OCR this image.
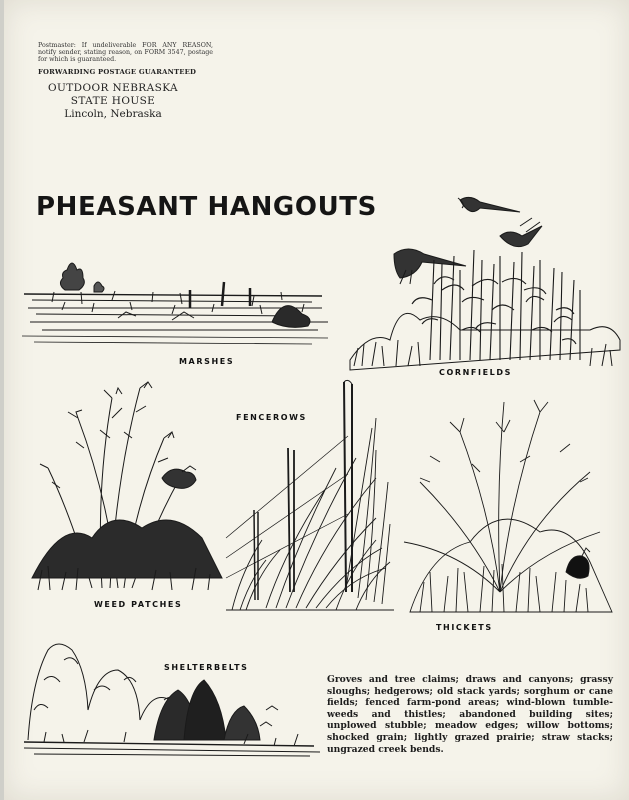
Postmaster: If undeliverable FOR ANY REASON, notify sender, stating reason, on FORM 3547, postage for which is guaranteed.

FORWARDING POSTAGE GUARANTEED
OUTDOOR NEBRASKA
STATE HOUSE
Lincoln, Nebraska
PHEASANT HANGOUTS
MARSHES
CORNFIELDS
FENCEROWS
WEED PATCHES
THICKETS
SHELTERBELTS

Groves and tree claims; draws and canyons; grassy sloughs; hedgerows; old stack yards; sorghum or cane fields; fenced farm-pond areas; wind-blown tumble-weeds and thistles; abandoned building sites; unplowed stubble; meadow edges; willow bottoms; shocked grain; lightly grazed prairie; straw stacks; ungrazed creek bends.
